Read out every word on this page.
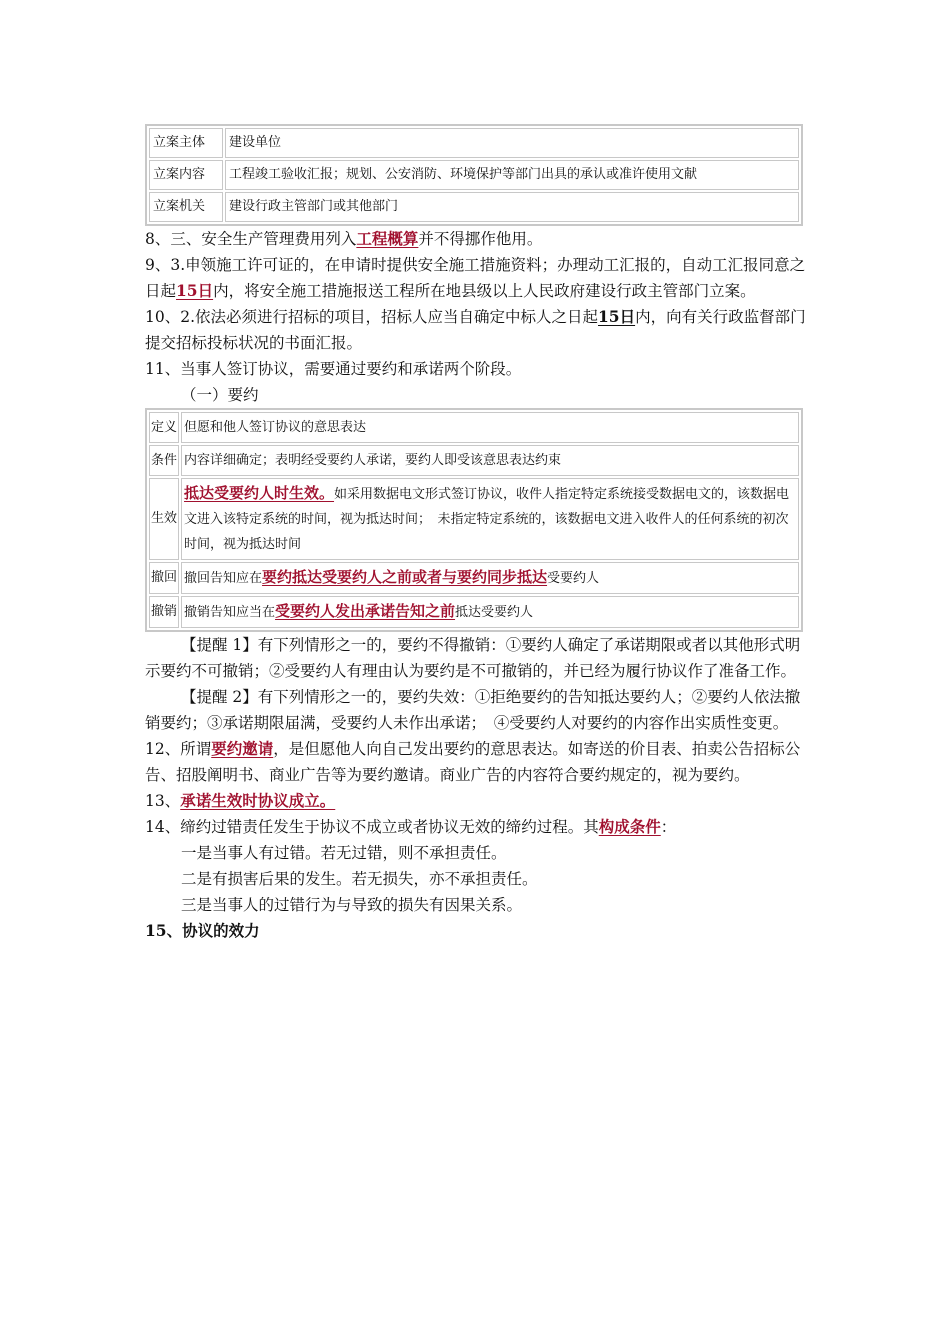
立案主体	建设单位
立案内容	工程竣工验收汇报；规划、公安消防、环境保护等部门出具的承认或准许使用文献
立案机关	建设行政主管部门或其他部门

8、三、安全生产管理费用列入工程概算并不得挪作他用。

9、3.申领施工许可证的，在申请时提供安全施工措施资料；办理动工汇报的，自动工汇报同意之日起15日内，将安全施工措施报送工程所在地县级以上人民政府建设行政主管部门立案。

10、2.依法必须进行招标的项目，招标人应当自确定中标人之日起15日内，向有关行政监督部门提交招标投标状况的书面汇报。

11、当事人签订协议，需要通过要约和承诺两个阶段。

（一）要约

定义	但愿和他人签订协议的意思表达
条件	内容详细确定；表明经受要约人承诺，要约人即受该意思表达约束
生效	抵达受要约人时生效。如采用数据电文形式签订协议，收件人指定特定系统接受数据电文的，该数据电文进入该特定系统的时间，视为抵达时间；　未指定特定系统的，该数据电文进入收件人的任何系统的初次时间，视为抵达时间
撤回	撤回告知应在要约抵达受要约人之前或者与要约同步抵达受要约人
撤销	撤销告知应当在受要约人发出承诺告知之前抵达受要约人

【提醒 1】有下列情形之一的，要约不得撤销：①要约人确定了承诺期限或者以其他形式明示要约不可撤销；②受要约人有理由认为要约是不可撤销的，并已经为履行协议作了准备工作。

【提醒 2】有下列情形之一的，要约失效：①拒绝要约的告知抵达要约人；②要约人依法撤销要约；③承诺期限届满，受要约人未作出承诺；　④受要约人对要约的内容作出实质性变更。

12、所谓要约邀请，是但愿他人向自己发出要约的意思表达。如寄送的价目表、拍卖公告招标公告、招股阐明书、商业广告等为要约邀请。商业广告的内容符合要约规定的，视为要约。

13、承诺生效时协议成立。

14、缔约过错责任发生于协议不成立或者协议无效的缔约过程。其构成条件：

一是当事人有过错。若无过错，则不承担责任。

二是有损害后果的发生。若无损失，亦不承担责任。

三是当事人的过错行为与导致的损失有因果关系。

15、协议的效力
